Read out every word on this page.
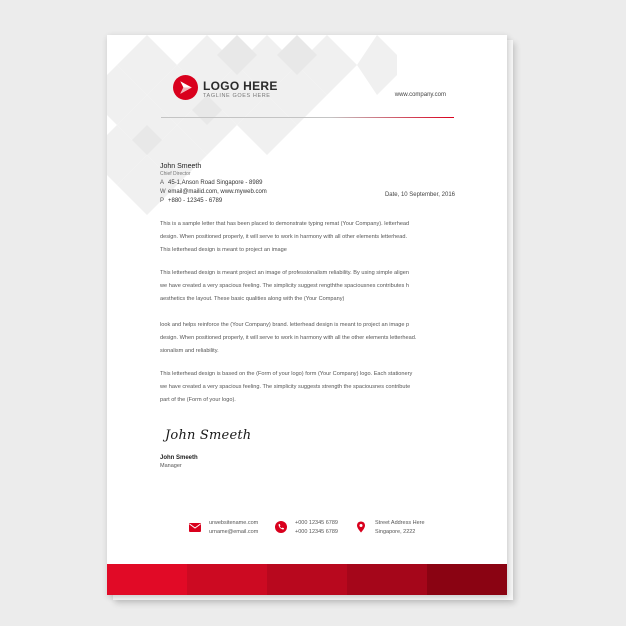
LOGO HERE
TAGLINE GOES HERE	www.company.com
John Smeeth
Chief Director
A 45-1,Anson Road Singapore - 8989
W email@mailid.com, www.myweb.com
P +880 - 12345 - 6789
Date, 10 September, 2016
This is a sample letter that has been placed to demonstrate typing remat (Your Company). letterhead
design. When positioned properly, it will serve to work in harmony with all other elements letterhead.
This letterhead design is meant to project an image
This letterhead design is meant project an image of professionalism reliability. By using simple aligen
we have created a very spacious feeling. The simplicity suggest rengththe spaciousnes contributes h
aesthetics the layout. These basic qualities along with the (Your Company)
look and helps reinforce the (Your Company) brand. letterhead design is meant to project an image p
design. When positioned properly, it will serve to work in harmony with all the other elements letterhead.
sionalism and reliability.
This letterhead design is based on the (Form of your logo) form (Your Company) logo. Each stationery
we have created a very spacious feeling. The simplicity suggests strength the spaciousnes contribute
part of the (Form of your logo).
John Smeeth
John Smeeth
Manager
urwebsitename.com
urname@email.com
+000 12345 6789
+000 12345 6789
Street Address Here
Singapore, 2222
